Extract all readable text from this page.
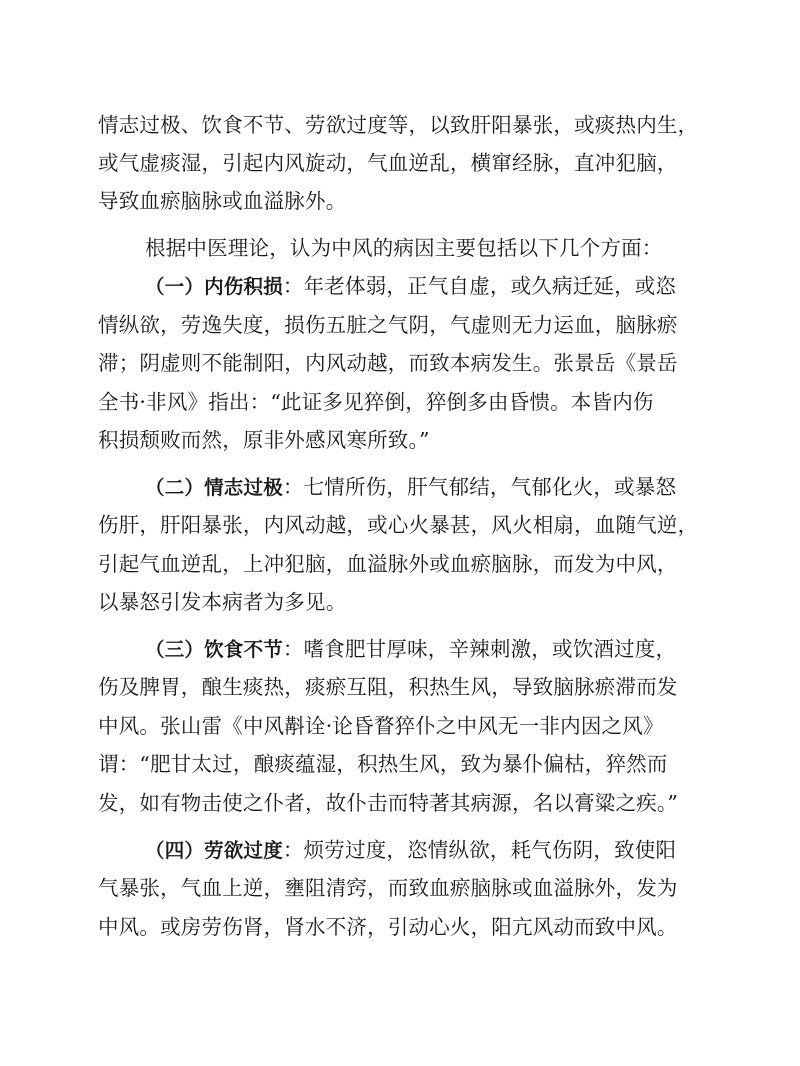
情志过极、饮食不节、劳欲过度等，以致肝阳暴张，或痰热内生，
或气虚痰湿，引起内风旋动，气血逆乱，横窜经脉，直冲犯脑，
导致血瘀脑脉或血溢脉外。
根据中医理论，认为中风的病因主要包括以下几个方面：
（一）内伤积损：年老体弱，正气自虚，或久病迁延，或恣
情纵欲，劳逸失度，损伤五脏之气阴，气虚则无力运血，脑脉瘀
滞；阴虚则不能制阳，内风动越，而致本病发生。张景岳《景岳
全书·非风》指出：“此证多见猝倒，猝倒多由昏愦。本皆内伤
积损颓败而然，原非外感风寒所致。”
（二）情志过极：七情所伤，肝气郁结，气郁化火，或暴怒
伤肝，肝阳暴张，内风动越，或心火暴甚，风火相扇，血随气逆，
引起气血逆乱，上冲犯脑，血溢脉外或血瘀脑脉，而发为中风，
以暴怒引发本病者为多见。
（三）饮食不节：嗜食肥甘厚味，辛辣刺激，或饮酒过度，
伤及脾胃，酿生痰热，痰瘀互阻，积热生风，导致脑脉瘀滞而发
中风。张山雷《中风斠诠·论昏瞀猝仆之中风无一非内因之风》
谓：“肥甘太过，酿痰蕴湿，积热生风，致为暴仆偏枯，猝然而
发，如有物击使之仆者，故仆击而特著其病源，名以膏粱之疾。”
（四）劳欲过度：烦劳过度，恣情纵欲，耗气伤阴，致使阳
气暴张，气血上逆，壅阻清窍，而致血瘀脑脉或血溢脉外，发为
中风。或房劳伤肾，肾水不济，引动心火，阳亢风动而致中风。
